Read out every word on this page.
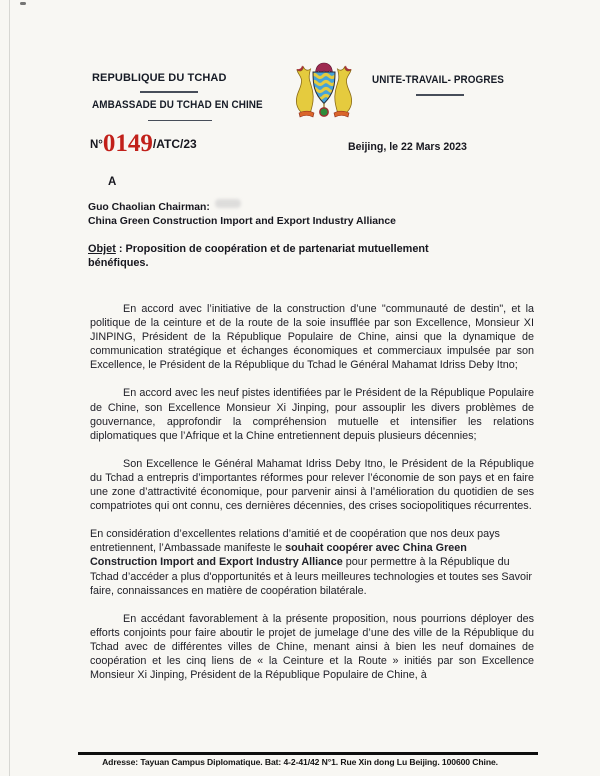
REPUBLIQUE DU TCHAD
AMBASSADE DU TCHAD EN CHINE
UNITE-TRAVAIL- PROGRES
N°0149/ATC/23	Beijing, le 22 Mars 2023
A
Guo Chaolian Chairman:
China Green Construction Import and Export Industry Alliance
Objet : Proposition de coopération et de partenariat mutuellement bénéfiques.

En accord avec l’initiative de la construction d’une "communauté de destin", et la politique de la ceinture et de la route de la soie insufflée par son Excellence, Monsieur XI JINPING, Président de la République Populaire de Chine, ainsi que la dynamique de communication stratégique et échanges économiques et commerciaux impulsée par son Excellence, le Président de la République du Tchad le Général Mahamat Idriss Deby Itno;

En accord avec les neuf pistes identifiées par le Président de la République Populaire de Chine, son Excellence Monsieur Xi Jinping, pour assouplir les divers problèmes de gouvernance, approfondir la compréhension mutuelle et intensifier les relations diplomatiques que l’Afrique et la Chine entretiennent depuis plusieurs décennies;

Son Excellence le Général Mahamat Idriss Deby Itno, le Président de la République du Tchad a entrepris d’importantes réformes pour relever l’économie de son pays et en faire une zone d’attractivité économique, pour parvenir ainsi à l’amélioration du quotidien de ses compatriotes qui ont connu, ces dernières décennies, des crises sociopolitiques récurrentes.

En considération d’excellentes relations d’amitié et de coopération que nos deux pays entretiennent, l’Ambassade manifeste le souhait coopérer avec China Green Construction Import and Export Industry Alliance pour permettre à la République du Tchad d’accéder a plus d'opportunités et à leurs meilleures technologies et toutes ses Savoir faire, connaissances en matière de coopération bilatérale.

En accédant favorablement à la présente proposition, nous pourrions déployer des efforts conjoints pour faire aboutir le projet de jumelage d’une des ville de la République du Tchad avec de différentes villes de Chine, menant ainsi à bien les neuf domaines de coopération et les cinq liens de « la Ceinture et la Route » initiés par son Excellence Monsieur Xi Jinping, Président de la République Populaire de Chine, à

Adresse: Tayuan Campus Diplomatique. Bat: 4-2-41/42 N°1. Rue Xin dong Lu Beijing. 100600 Chine.
